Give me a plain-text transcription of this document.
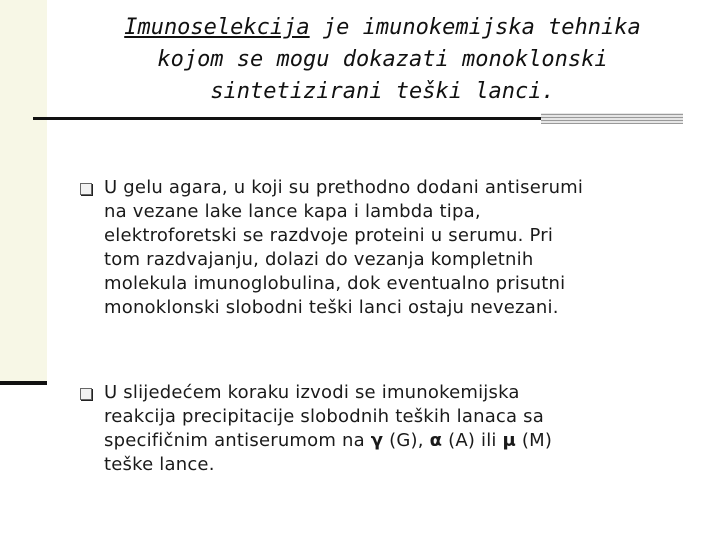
Imunoselekcija je imunokemijska tehnika
kojom se mogu dokazati monoklonski
sintetizirani teški lanci.
U gelu agara, u koji su prethodno dodani antiserumi
na vezane lake lance kapa i lambda tipa,
elektroforetski se razdvoje proteini u serumu. Pri
tom razdvajanju, dolazi do vezanja kompletnih
molekula imunoglobulina, dok eventualno prisutni
monoklonski slobodni teški lanci ostaju nevezani.
U slijedećem koraku izvodi se imunokemijska
reakcija precipitacije slobodnih teških lanaca sa
specifičnim antiserumom na γ (G), α (A) ili μ (M)
teške lance.
